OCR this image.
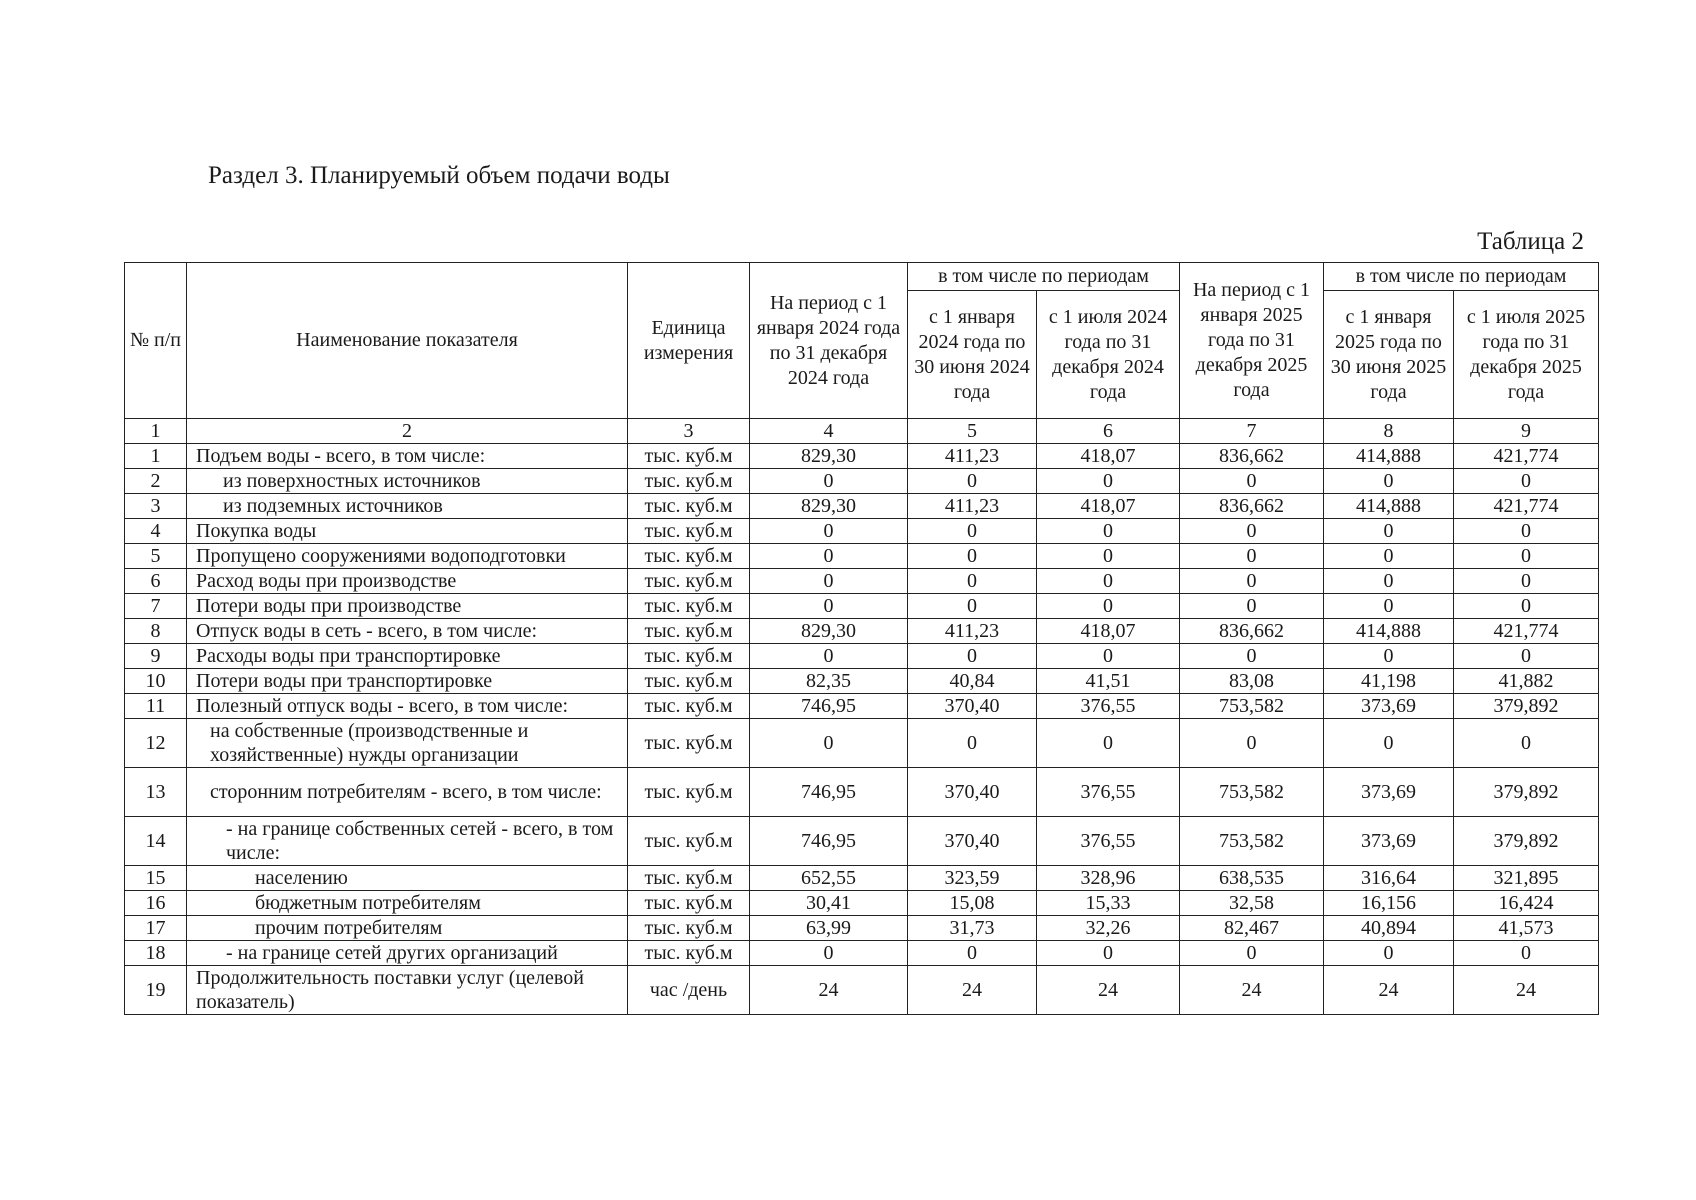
Раздел 3. Планируемый объем подачи воды
Таблица 2
№ п/п	Наименование показателя	Единица измерения	На период с 1 января 2024 года по 31 декабря 2024 года	в том числе по периодам		На период с 1 января 2025 года по 31 декабря 2025 года	в том числе по периодам	
				с 1 января 2024 года по 30 июня 2024 года	с 1 июля 2024 года по 31 декабря 2024 года		с 1 января 2025 года по 30 июня 2025 года	с 1 июля 2025 года по 31 декабря 2025 года
1	2	3	4	5	6	7	8	9
1	Подъем воды - всего, в том числе:	тыс. куб.м	829,30	411,23	418,07	836,662	414,888	421,774
2	из поверхностных источников	тыс. куб.м	0	0	0	0	0	0
3	из подземных источников	тыс. куб.м	829,30	411,23	418,07	836,662	414,888	421,774
4	Покупка воды	тыс. куб.м	0	0	0	0	0	0
5	Пропущено сооружениями водоподготовки	тыс. куб.м	0	0	0	0	0	0
6	Расход воды при производстве	тыс. куб.м	0	0	0	0	0	0
7	Потери воды при производстве	тыс. куб.м	0	0	0	0	0	0
8	Отпуск воды в сеть - всего, в том числе:	тыс. куб.м	829,30	411,23	418,07	836,662	414,888	421,774
9	Расходы воды при транспортировке	тыс. куб.м	0	0	0	0	0	0
10	Потери воды при транспортировке	тыс. куб.м	82,35	40,84	41,51	83,08	41,198	41,882
11	Полезный отпуск воды - всего, в том числе:	тыс. куб.м	746,95	370,40	376,55	753,582	373,69	379,892
12	на собственные (производственные и хозяйственные) нужды организации	тыс. куб.м	0	0	0	0	0	0
13	сторонним потребителям - всего, в том числе:	тыс. куб.м	746,95	370,40	376,55	753,582	373,69	379,892
14	- на границе собственных сетей - всего, в том числе:	тыс. куб.м	746,95	370,40	376,55	753,582	373,69	379,892
15	населению	тыс. куб.м	652,55	323,59	328,96	638,535	316,64	321,895
16	бюджетным потребителям	тыс. куб.м	30,41	15,08	15,33	32,58	16,156	16,424
17	прочим потребителям	тыс. куб.м	63,99	31,73	32,26	82,467	40,894	41,573
18	- на границе сетей других организаций	тыс. куб.м	0	0	0	0	0	0
19	Продолжительность поставки услуг (целевой показатель)	час /день	24	24	24	24	24	24
